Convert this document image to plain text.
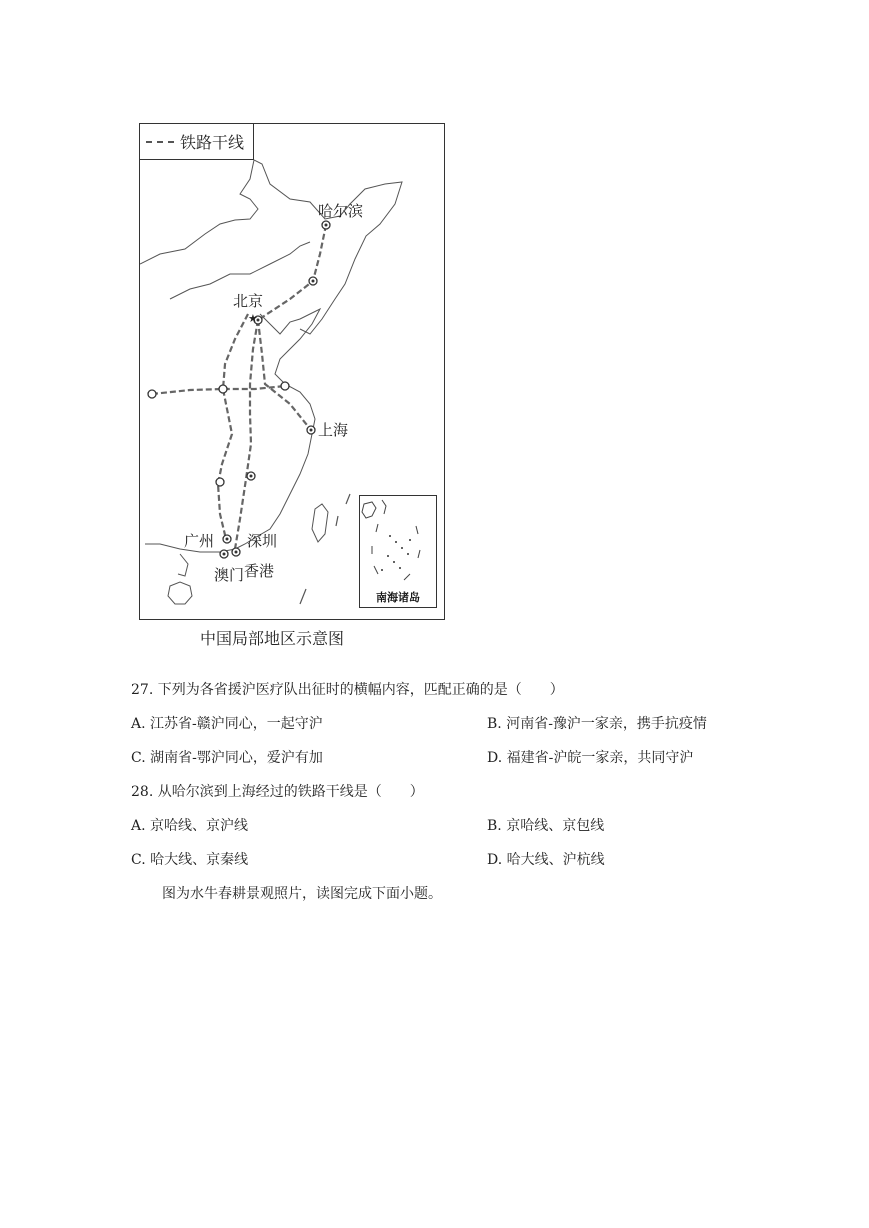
★
铁路干线
哈尔滨
北京
上海
广州 深圳
澳门 香港
南海诸岛
中国局部地区示意图
27. 下列为各省援沪医疗队出征时的横幅内容，匹配正确的是（　　）
A. 江苏省-赣沪同心，一起守沪	B. 河南省-豫沪一家亲，携手抗疫情
C. 湖南省-鄂沪同心，爱沪有加	D. 福建省-沪皖一家亲，共同守沪
28. 从哈尔滨到上海经过的铁路干线是（　　）
A. 京哈线、京沪线	B. 京哈线、京包线
C. 哈大线、京秦线	D. 哈大线、沪杭线
图为水牛春耕景观照片，读图完成下面小题。
